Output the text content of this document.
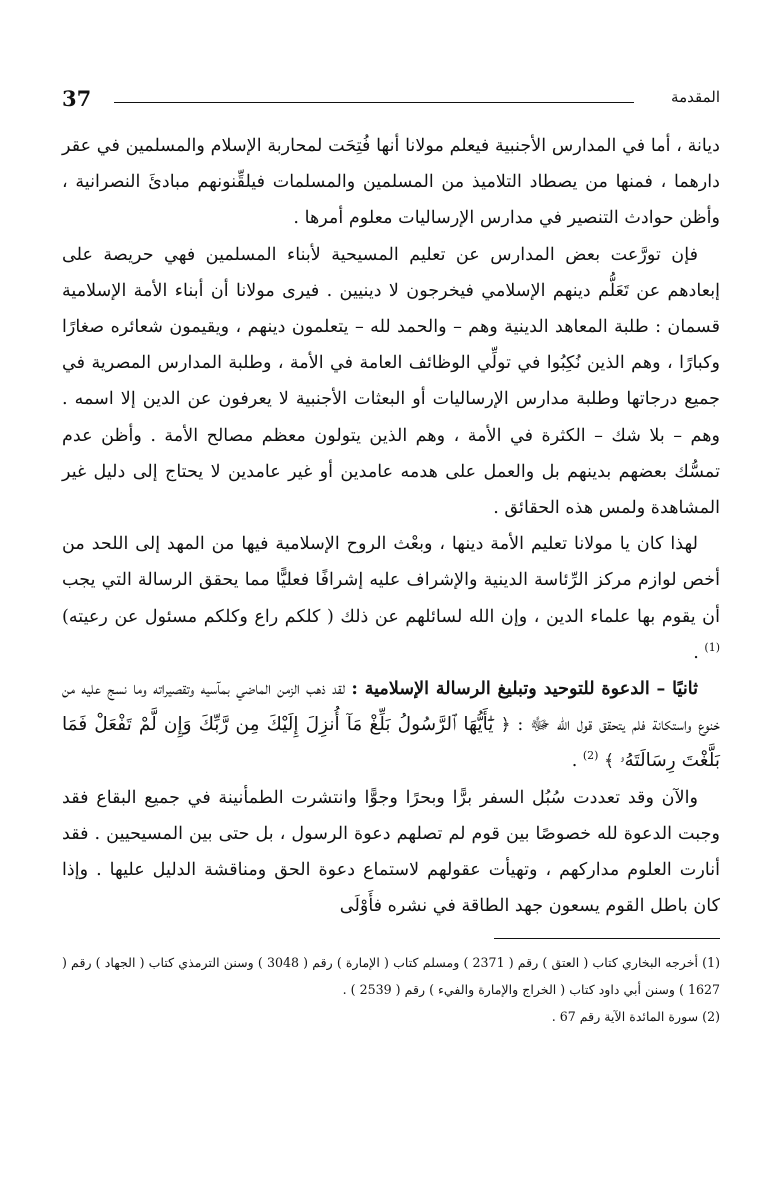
37	المقدمة

ديانة ، أما في المدارس الأجنبية فيعلم مولانا أنها فُتِحَت لمحاربة الإسلام والمسلمين في عقر دارهما ، فمنها من يصطاد التلاميذ من المسلمين والمسلمات فيلقِّنونهم مبادئَ النصرانية ، وأظن حوادث التنصير في مدارس الإرساليات معلوم أمرها .

فإن تورَّعت بعض المدارس عن تعليم المسيحية لأبناء المسلمين فهي حريصة على إبعادهم عن تَعَلُّم دينهم الإسلامي فيخرجون لا دينيين . فيرى مولانا أن أبناء الأمة الإسلامية قسمان : طلبة المعاهد الدينية وهم – والحمد لله – يتعلمون دينهم ، ويقيمون شعائره صغارًا وكبارًا ، وهم الذين نُكِبُوا في تولِّي الوظائف العامة في الأمة ، وطلبة المدارس المصرية في جميع درجاتها وطلبة مدارس الإرساليات أو البعثات الأجنبية لا يعرفون عن الدين إلا اسمه . وهم – بلا شك – الكثرة في الأمة ، وهم الذين يتولون معظم مصالح الأمة . وأظن عدم تمسُّك بعضهم بدينهم بل والعمل على هدمه عامدين أو غير عامدين لا يحتاج إلى دليل غير المشاهدة ولمس هذه الحقائق .

لهذا كان يا مولانا تعليم الأمة دينها ، وبعْث الروح الإسلامية فيها من المهد إلى اللحد من أخص لوازم مركز الرِّئاسة الدينية والإشراف عليه إشرافًا فعليًّا مما يحقق الرسالة التي يجب أن يقوم بها علماء الدين ، وإن الله لسائلهم عن ذلك ( كلكم راع وكلكم مسئول عن رعيته) $^{(1)}$ .

ثانيًا – الدعوة للتوحيد وتبليغ الرسالة الإسلامية : لقد ذهب الزمن الماضي بمآسيه وتقصيراته وما نسج عليه من خنوع واستكانة فلم يتحقق قول الله ﷻ : ﴿ يَٰٓأَيُّهَا ٱلرَّسُولُ بَلِّغْ مَآ أُنزِلَ إِلَيْكَ مِن رَّبِّكَ وَإِن لَّمْ تَفْعَلْ فَمَا بَلَّغْتَ رِسَالَتَهُۥ ﴾ $^{(2)}$ .

والآن وقد تعددت سُبُل السفر برًّا وبحرًا وجوًّا وانتشرت الطمأنينة في جميع البقاع فقد وجبت الدعوة لله خصوصًا بين قوم لم تصلهم دعوة الرسول ، بل حتى بين المسيحيين . فقد أنارت العلوم مداركهم ، وتهيأت عقولهم لاستماع دعوة الحق ومناقشة الدليل عليها . وإذا كان باطل القوم يسعون جهد الطاقة في نشره فأَوْلَى

(1) أخرجه البخاري كتاب ( العتق ) رقم ( 2371 ) ومسلم كتاب ( الإمارة ) رقم ( 3048 ) وسنن الترمذي كتاب ( الجهاد ) رقم ( 1627 ) وسنن أبي داود كتاب ( الخراج والإمارة والفيء ) رقم ( 2539 ) .

(2) سورة المائدة الآية رقم 67 .
